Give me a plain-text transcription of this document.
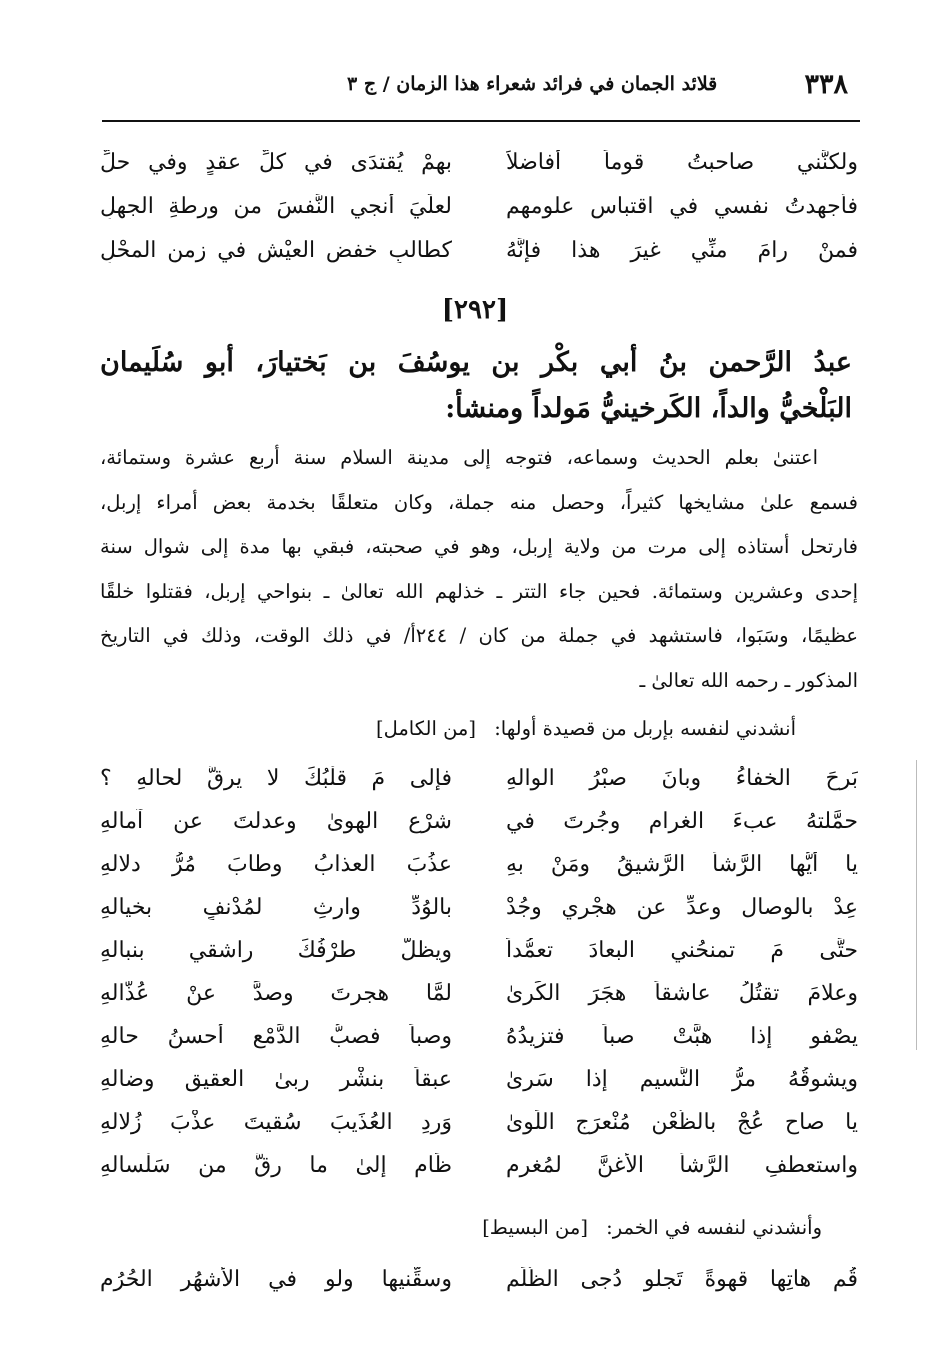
٣٣٨
قلائد الجمان في فرائد شعراء هذا الزمان / ج ٣
ولكنَّني صاحبتُ قوماً أفاضلاً
بهمْ يُقتدَى في كلِّ عقدٍ وفي حلِّ
فأجهدتُ نفسي في اقتباس علومهم
لعلِّيَ أنجي النَّفسَ من ورطةِ الجهلِ
فمنْ رامَ منِّي غيرَ هذا فإنَّهُ
كطالبِ خفضِ العيْشِ في زمنِ المحْلِ
[٢٩٢]
عبدُ الرَّحمن بنُ أبي بكْر بن يوسُفَ بن بَختيارَ، أبو سُلَيمان
البَلْخيُّ والداً، الكَرخينيُّ مَولداً ومنشأ:
اعتنىٰ بعلم الحديث وسماعه، فتوجه إلى مدينة السلام سنة أربع عشرة وستمائة،
فسمع علىٰ مشايخها كثيراً، وحصل منه جملة، وكان متعلقًا بخدمة بعض أمراء إربل،
فارتحل أستاذه إلى مرت من ولاية إربل، وهو في صحبته، فبقي بها مدة إلى شوال سنة
إحدى وعشرين وستمائة. فحين جاء التتر ـ خذلهم الله تعالىٰ ـ بنواحي إربل، فقتلوا خلقًا
عظيمًا، وسَبَوا، فاستشهد في جملة من كان / ٢٤٤أ/ في ذلك الوقت، وذلك في التاريخ
المذكور ـ رحمه الله تعالىٰ ـ
أنشدني لنفسه بإربل من قصيدة أولها: [من الكامل]
بَرِحَ الخفاءُ وبانَ صبْرُ الوالهِ
فإلى مَ قلْبُكَ لا يرقُّ لحالهِ ؟
حمَّلتهُ عبءَ الغرام وجُرتَ في
شرْعِ الهوىٰ وعدلتَ عن آمالهِ
يا أيُّها الرَّشأُ الرَّشيقُ ومَنْ بهِ
عذُبَ العذابُ وطابَ مُرُّ دلالهِ
عِدْ بالوصال وعدِّ عن هجْري وجُدْ
بالوُدِّ وارثِ لمُدْنفٍ بخيالهِ
حتَّى مَ تمنحُني البعادَ تعمُّداً
ويظلُّ طرْفُكَ راشقي بنبالهِ
وعلامَ تقتُلُ عاشقاً هجَرَ الكَرىٰ
لمَّا هجرتَ وصدَّ عنْ عُذَّالهِ
يصْفو إذا هبَّتْ صباً فتزيدُهُ
وصباً فصبُّ الدَّمْعِ أحسنُ حالهِ
ويشوقُهُ مرُّ النَّسيمِ إذا سَرىٰ
عبقاً بنشْرِ ربىٰ العقيق وضالهِ
يا صاحِ عُجْ بالظَّعْنِ مُنْعرَجِ اللِّوىٰ
وَرِدِ العُذَيبَ سُقيتَ عذْبَ زُلالهِ
واستعطفِ الرَّشأَ الأغنَّ لمُغرمٍ
ظَامٍ إلىٰ ما رقَّ من سَلْسالهِ
وأنشدني لنفسه في الخمر: [من البسيط]
قُم هاتِها قهوةً تَجلو دُجى الظُّلَمِ
وسقِّنيها ولو في الأشهُرِ الحُرُمِ
